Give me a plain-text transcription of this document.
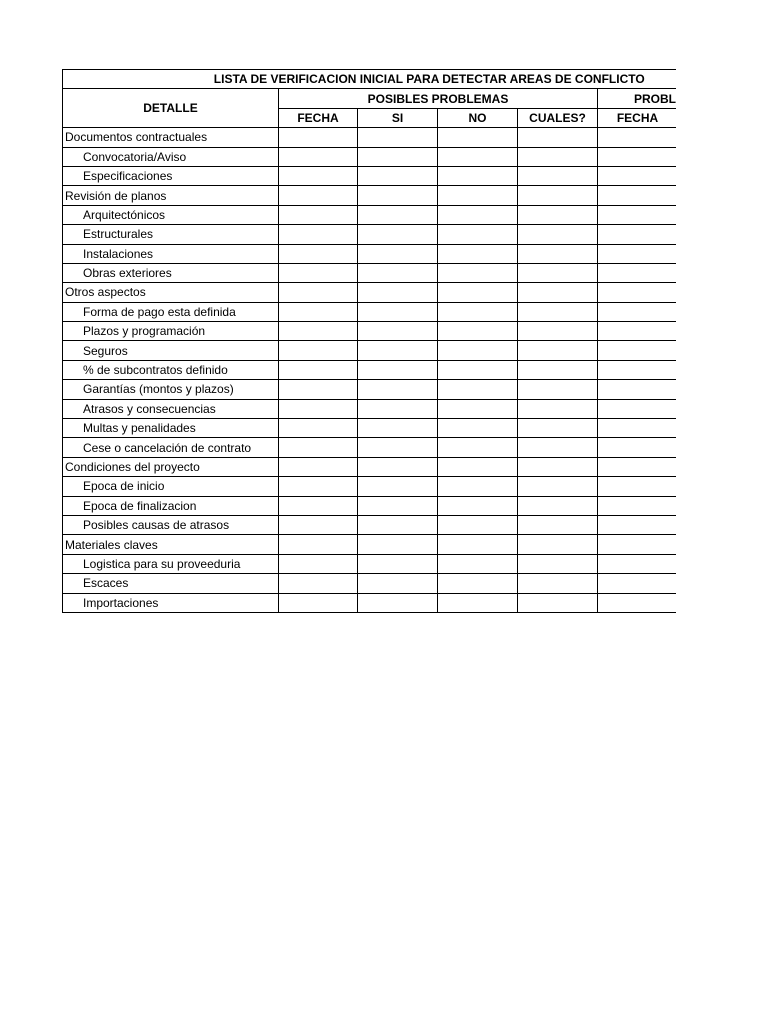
LISTA DE VERIFICACION INICIAL PARA DETECTAR AREAS DE CONFLICTO						
DETALLE	POSIBLES PROBLEMAS				PROBL	
	FECHA	SI	NO	CUALES?	FECHA	
Documentos contractuales						
Convocatoria/Aviso						
Especificaciones						
Revisión de planos						
Arquitectónicos						
Estructurales						
Instalaciones						
Obras exteriores						
Otros aspectos						
Forma de pago esta definida						
Plazos y programación						
Seguros						
% de subcontratos definido						
Garantías (montos y plazos)						
Atrasos y consecuencias						
Multas y penalidades						
Cese o cancelación de contrato						
Condiciones del proyecto						
Epoca de inicio						
Epoca de finalizacion						
Posibles causas de atrasos						
Materiales claves						
Logistica para su proveeduria						
Escaces						
Importaciones						
